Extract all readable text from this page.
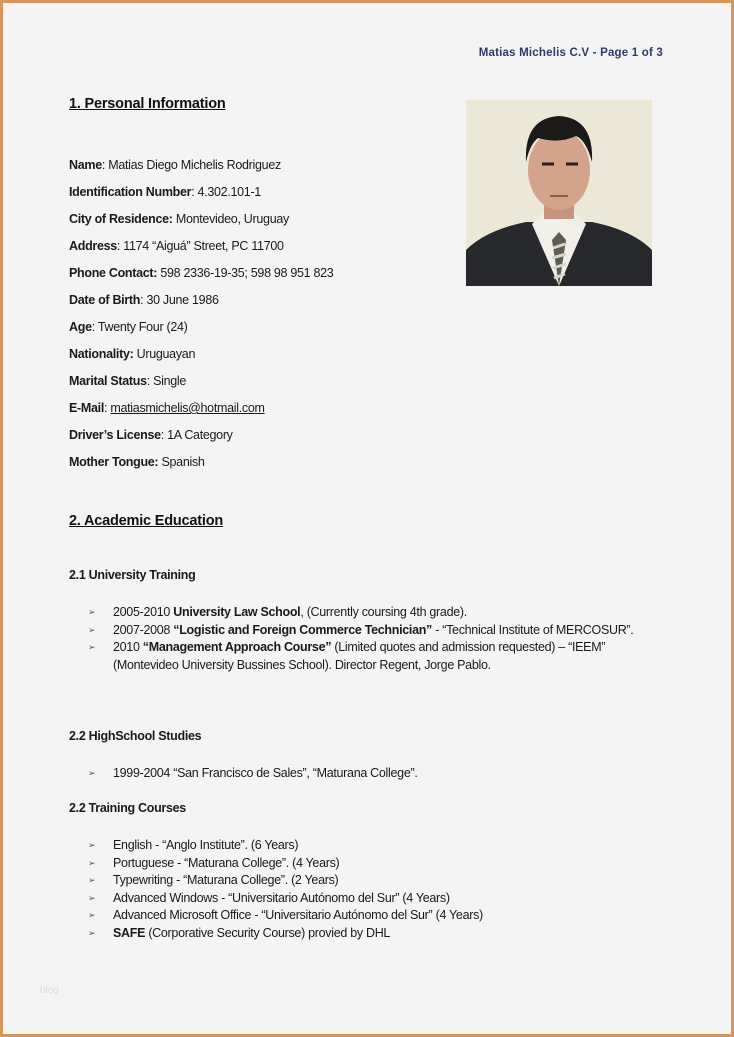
Matias Michelis C.V - Page 1 of 3
1. Personal Information
Name: Matias Diego Michelis Rodriguez
Identification Number: 4.302.101-1
City of Residence: Montevideo, Uruguay
Address: 1174 “Aiguá” Street, PC 11700
Phone Contact: 598 2336-19-35; 598 98 951 823
Date of Birth: 30 June 1986
Age: Twenty Four (24)
Nationality: Uruguayan
Marital Status: Single
E-Mail: matiasmichelis@hotmail.com
Driver’s License: 1A Category
Mother Tongue: Spanish
2. Academic Education
2.1 University Training
➢ 2005-2010 University Law School, (Currently coursing 4th grade).
➢ 2007-2008 “Logistic and Foreign Commerce Technician” - “Technical Institute of MERCOSUR”.
➢ 2010 “Management Approach Course” (Limited quotes and admission requested) – “IEEM” (Montevideo University Bussines School). Director Regent, Jorge Pablo.
2.2 HighSchool Studies
➢ 1999-2004 “San Francisco de Sales”, “Maturana College”.
2.2 Training Courses
➢ English - “Anglo Institute”. (6 Years)
➢ Portuguese - “Maturana College”. (4 Years)
➢ Typewriting - “Maturana College”. (2 Years)
➢ Advanced Windows - “Universitario Autónomo del Sur” (4 Years)
➢ Advanced Microsoft Office - “Universitario Autónomo del Sur” (4 Years)
➢ SAFE (Corporative Security Course) provied by DHL
blog
